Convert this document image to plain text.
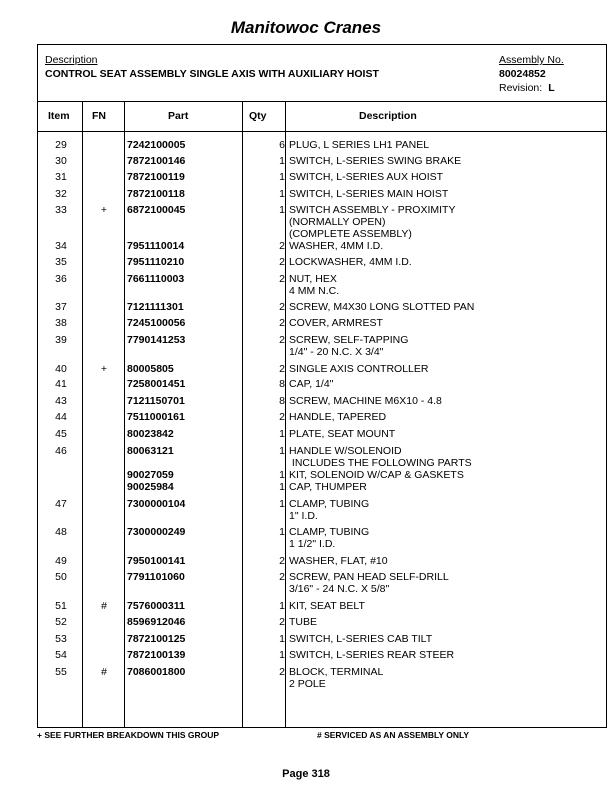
Manitowoc Cranes
Description
CONTROL SEAT ASSEMBLY SINGLE AXIS WITH AUXILIARY HOIST
Assembly No.
80024852
Revision: L
Item FN	Part	Qty	Description
29	7242100005	6 PLUG, L SERIES LH1 PANEL
30	7872100146	1 SWITCH, L-SERIES SWING BRAKE
31	7872100119	1 SWITCH, L-SERIES AUX HOIST
32	7872100118	1 SWITCH, L-SERIES MAIN HOIST
33	+	6872100045	1 SWITCH ASSEMBLY - PROXIMITY
(NORMALLY OPEN)
(COMPLETE ASSEMBLY)
34	7951110014	2 WASHER, 4MM I.D.
35	7951110210	2 LOCKWASHER, 4MM I.D.
36	7661110003	2 NUT, HEX
4 MM N.C.
37	7121111301	2 SCREW, M4X30 LONG SLOTTED PAN
38	7245100056	2 COVER, ARMREST
39	7790141253	2 SCREW, SELF-TAPPING
1/4" - 20 N.C. X 3/4"
40	+	80005805	2 SINGLE AXIS CONTROLLER
41	7258001451	8 CAP, 1/4"
43	7121150701	8 SCREW, MACHINE M6X10 - 4.8
44	7511000161	2 HANDLE, TAPERED
45	80023842	1 PLATE, SEAT MOUNT
46	80063121	1 HANDLE W/SOLENOID
INCLUDES THE FOLLOWING PARTS
90027059	1 KIT, SOLENOID W/CAP & GASKETS
90025984	1 CAP, THUMPER
47	7300000104	1 CLAMP, TUBING
1" I.D.
48	7300000249	1 CLAMP, TUBING
1 1/2" I.D.
49	7950100141	2 WASHER, FLAT, #10
50	7791101060	2 SCREW, PAN HEAD SELF-DRILL
3/16" - 24 N.C. X 5/8"
51	#	7576000311	1 KIT, SEAT BELT
52	8596912046	2 TUBE
53	7872100125	1 SWITCH, L-SERIES CAB TILT
54	7872100139	1 SWITCH, L-SERIES REAR STEER
55	#	7086001800	2 BLOCK, TERMINAL
2 POLE
+ SEE FURTHER BREAKDOWN THIS GROUP	# SERVICED AS AN ASSEMBLY ONLY
Page 318
